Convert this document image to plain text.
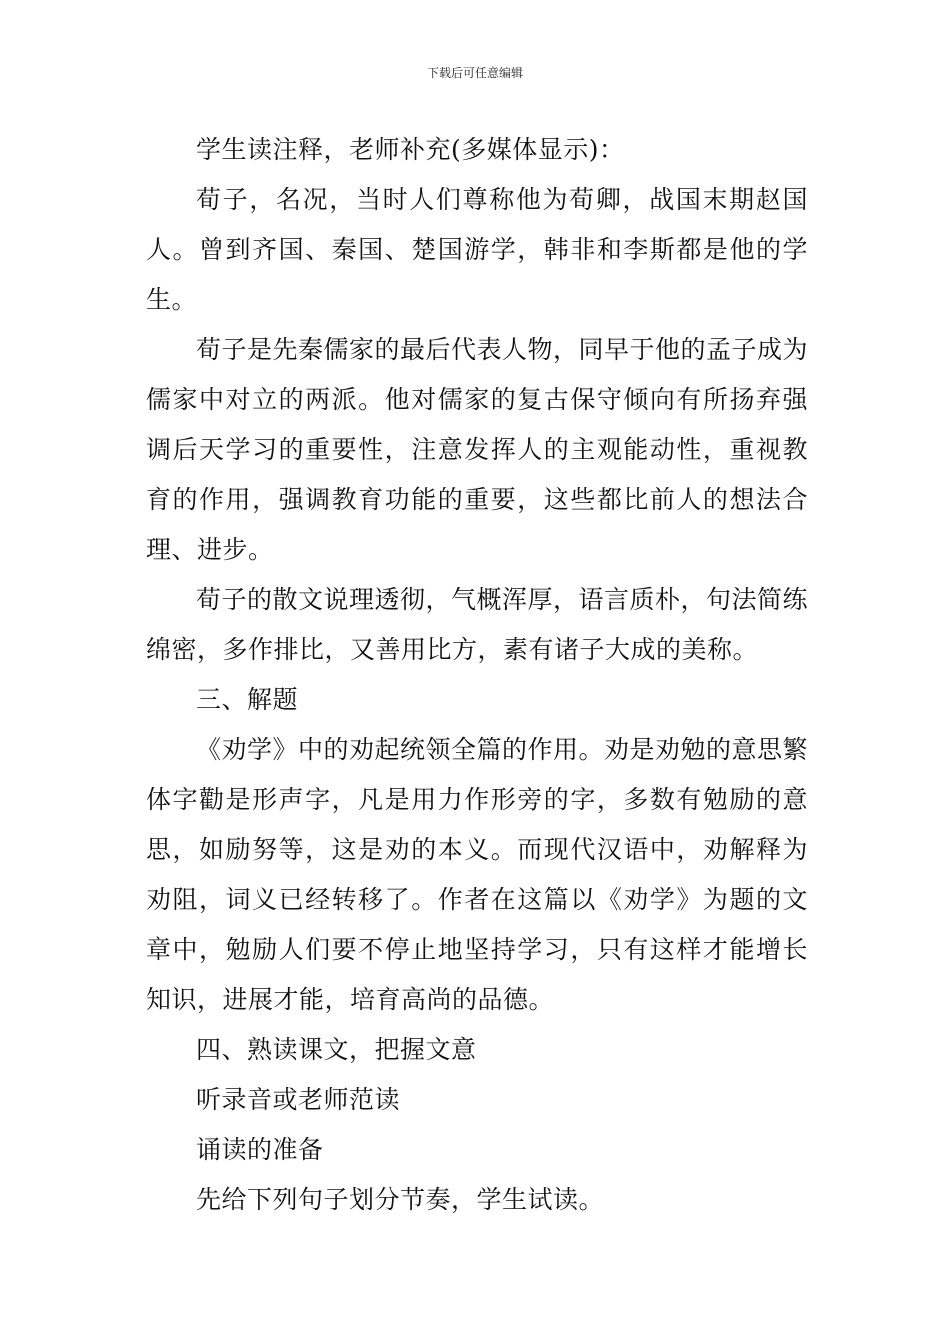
下载后可任意编辑

学生读注释，老师补充(多媒体显示)：

荀子，名况，当时人们尊称他为荀卿，战国末期赵国人。曾到齐国、秦国、楚国游学，韩非和李斯都是他的学生。

荀子是先秦儒家的最后代表人物，同早于他的孟子成为儒家中对立的两派。他对儒家的复古保守倾向有所扬弃强调后天学习的重要性，注意发挥人的主观能动性，重视教育的作用，强调教育功能的重要，这些都比前人的想法合理、进步。

荀子的散文说理透彻，气概浑厚，语言质朴，句法简练绵密，多作排比，又善用比方，素有诸子大成的美称。

三、解题

《劝学》中的劝起统领全篇的作用。劝是劝勉的意思繁体字勸是形声字，凡是用力作形旁的字，多数有勉励的意思，如励努等，这是劝的本义。而现代汉语中，劝解释为劝阻，词义已经转移了。作者在这篇以《劝学》为题的文章中，勉励人们要不停止地坚持学习，只有这样才能增长知识，进展才能，培育高尚的品德。

四、熟读课文，把握文意

听录音或老师范读

诵读的准备

先给下列句子划分节奏，学生试读。
